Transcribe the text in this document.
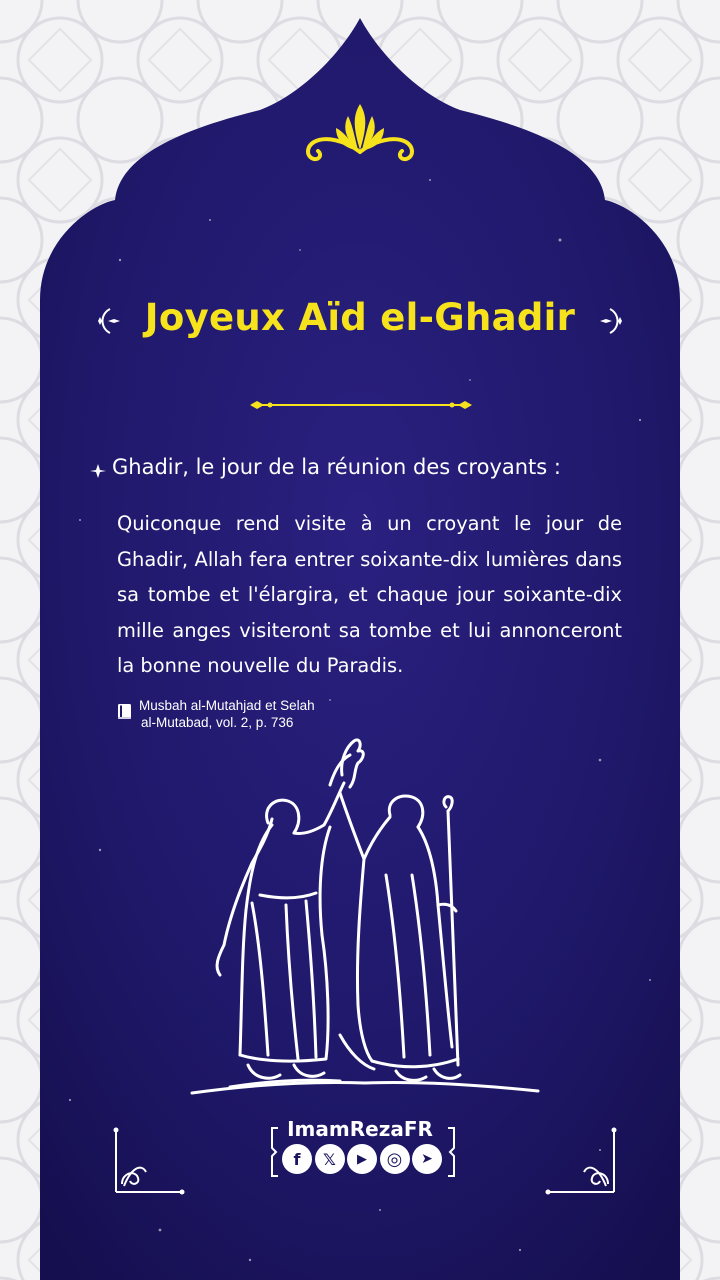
Joyeux Aïd el-Ghadir
Ghadir, le jour de la réunion des croyants :
Quiconque rend visite à un croyant le jour de Ghadir, Allah fera entrer soixante-dix lumières dans sa tombe et l'élargira, et chaque jour soixante-dix mille anges visiteront sa tombe et lui annonceront la bonne nouvelle du Paradis.
Musbah al-Mutahjad et Selah
al-Mutabad, vol. 2, p. 736
ImamRezaFR
f	𝕏	▶	◎	➤
